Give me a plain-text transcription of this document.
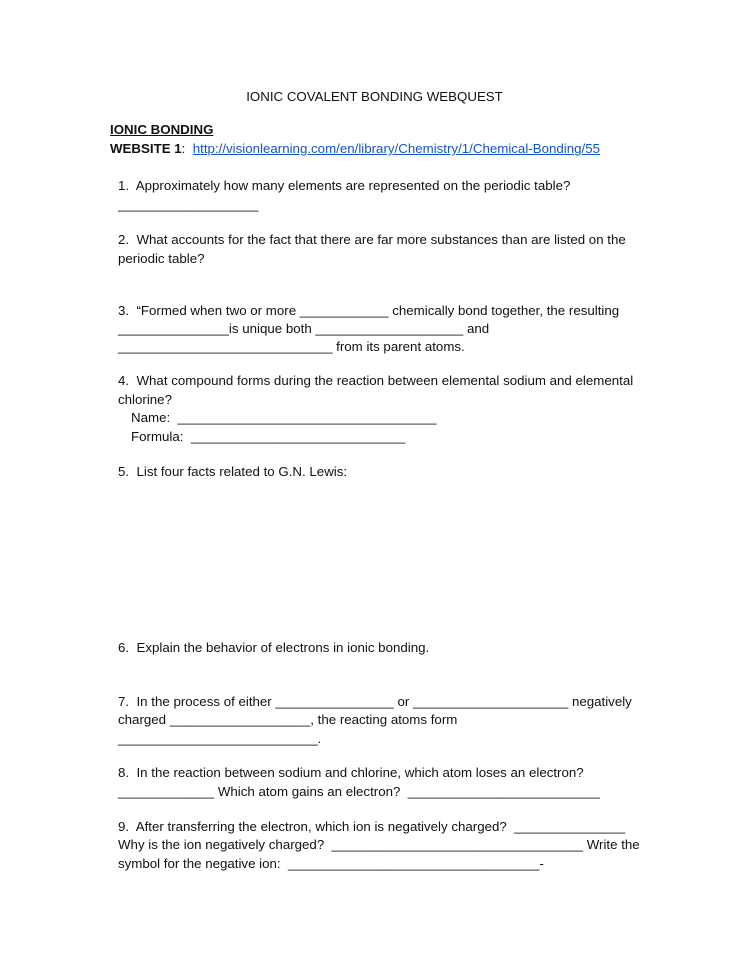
IONIC COVALENT BONDING WEBQUEST
IONIC BONDING
WEBSITE 1:  http://visionlearning.com/en/library/Chemistry/1/Chemical-Bonding/55
1.  Approximately how many elements are represented on the periodic table?
___________________
2.  What accounts for the fact that there are far more substances than are listed on the
periodic table?
3.  “Formed when two or more ____________ chemically bond together, the resulting
_______________is unique both ____________________ and
_____________________________ from its parent atoms.
4.  What compound forms during the reaction between elemental sodium and elemental
chlorine?
Name:  ___________________________________
Formula:  _____________________________
5.  List four facts related to G.N. Lewis:
6.  Explain the behavior of electrons in ionic bonding.
7.  In the process of either ________________ or _____________________ negatively
charged ___________________, the reacting atoms form
___________________________.
8.  In the reaction between sodium and chlorine, which atom loses an electron?
_____________ Which atom gains an electron?  __________________________
9.  After transferring the electron, which ion is negatively charged?  _______________
Why is the ion negatively charged?  __________________________________ Write the
symbol for the negative ion:  __________________________________-
